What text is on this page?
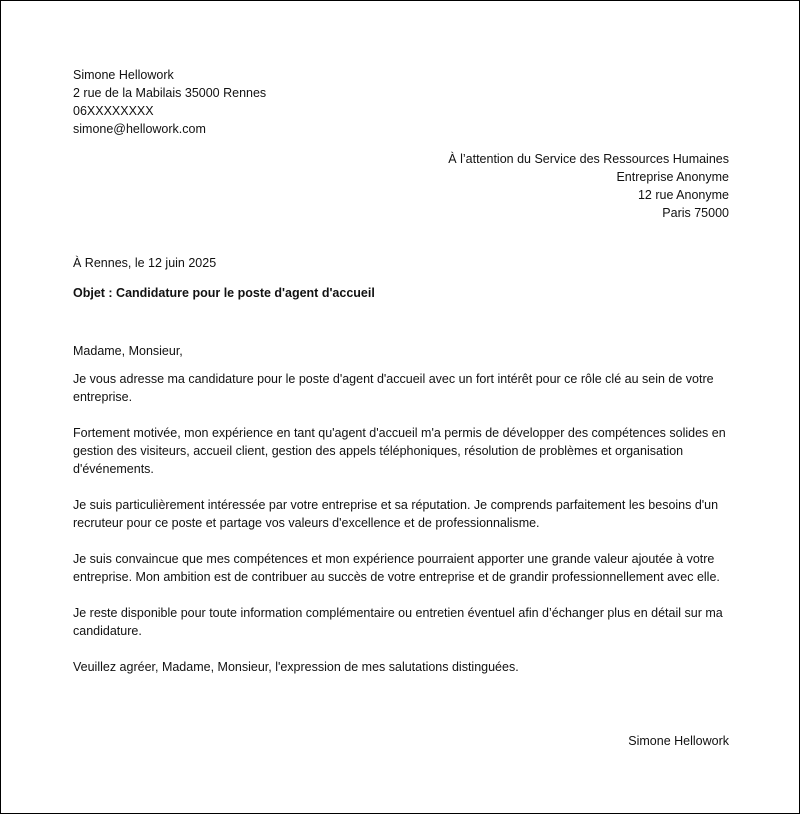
Simone Hellowork
2 rue de la Mabilais 35000 Rennes
06XXXXXXXX
simone@hellowork.com
À l’attention du Service des Ressources Humaines
Entreprise Anonyme
12 rue Anonyme
Paris 75000
À Rennes, le 12 juin 2025
Objet : Candidature pour le poste d'agent d'accueil
Madame, Monsieur,
Je vous adresse ma candidature pour le poste d'agent d'accueil avec un fort intérêt pour ce rôle clé au sein de votre entreprise.
Fortement motivée, mon expérience en tant qu'agent d'accueil m'a permis de développer des compétences solides en gestion des visiteurs, accueil client, gestion des appels téléphoniques, résolution de problèmes et organisation d'événements.
Je suis particulièrement intéressée par votre entreprise et sa réputation. Je comprends parfaitement les besoins d'un recruteur pour ce poste et partage vos valeurs d'excellence et de professionnalisme.
Je suis convaincue que mes compétences et mon expérience pourraient apporter une grande valeur ajoutée à votre entreprise. Mon ambition est de contribuer au succès de votre entreprise et de grandir professionnellement avec elle.
Je reste disponible pour toute information complémentaire ou entretien éventuel afin d’échanger plus en détail sur ma candidature.
Veuillez agréer, Madame, Monsieur, l'expression de mes salutations distinguées.
Simone Hellowork
